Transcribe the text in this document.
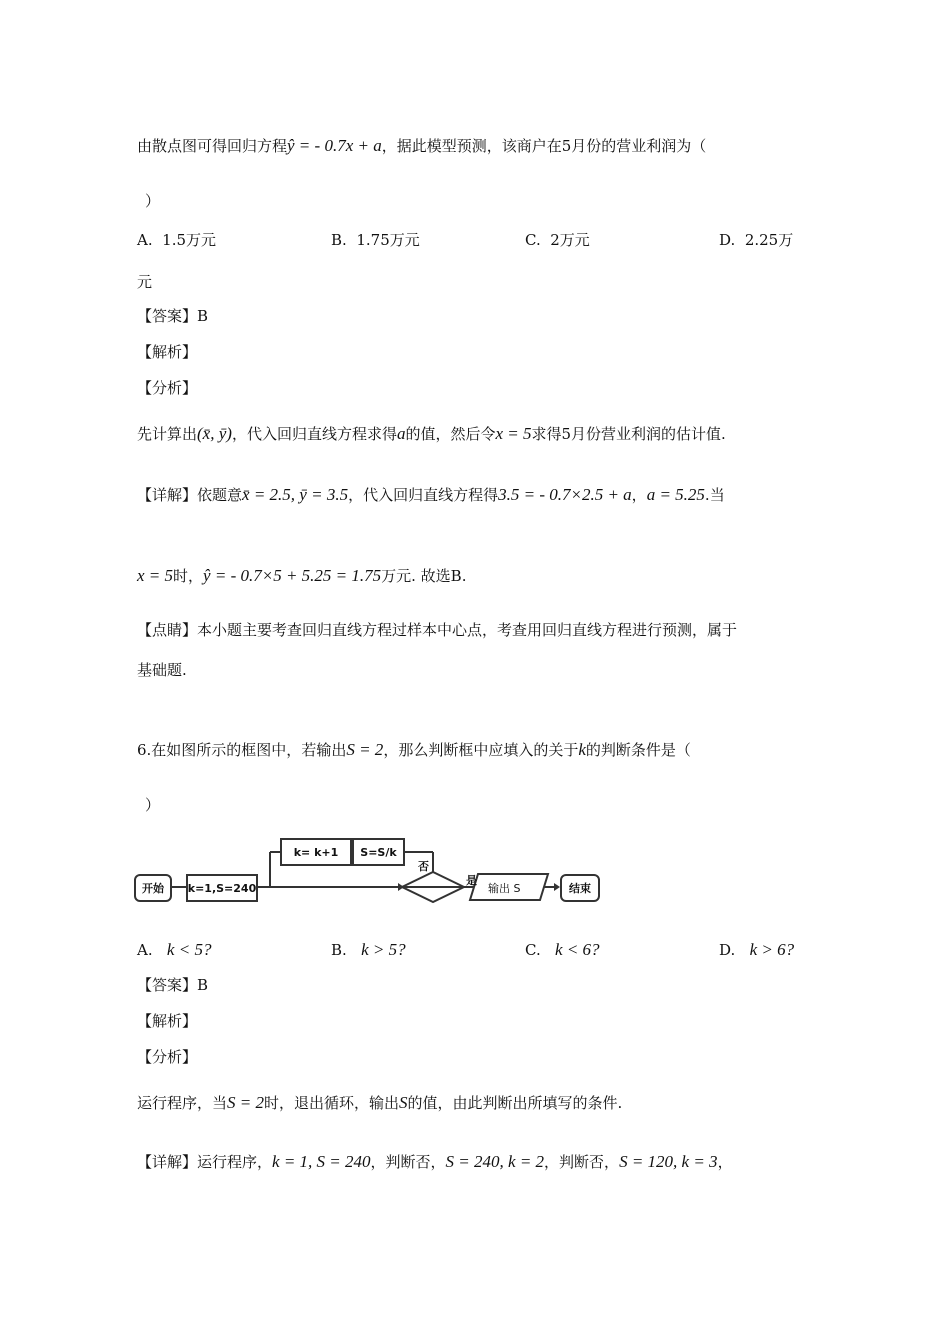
由散点图可得回归方程ŷ = - 0.7x + a，据此模型预测，该商户在5月份的营业利润为（
）
A. 1.5万元	B. 1.75万元	C. 2万元	D. 2.25万
元
【答案】B
【解析】
【分析】
先计算出(x̄, ȳ)，代入回归直线方程求得a的值，然后令x = 5求得5月份营业利润的估计值.
【详解】依题意x̄ = 2.5, ȳ = 3.5，代入回归直线方程得3.5 = - 0.7×2.5 + a，a = 5.25.当
x = 5时，ŷ = - 0.7×5 + 5.25 = 1.75万元. 故选B.
【点睛】本小题主要考查回归直线方程过样本中心点，考查用回归直线方程进行预测，属于
基础题.
6.在如图所示的框图中，若输出S = 2，那么判断框中应填入的关于k的判断条件是（
）
开始	k=1,S=240
k= k+1	S=S/k
否
是
输出 S	结束
A. k < 5?	B. k > 5?	C. k < 6?	D. k > 6?
【答案】B
【解析】
【分析】
运行程序，当S = 2时，退出循环，输出S的值，由此判断出所填写的条件.
【详解】运行程序，k = 1, S = 240，判断否，S = 240, k = 2，判断否，S = 120, k = 3，
